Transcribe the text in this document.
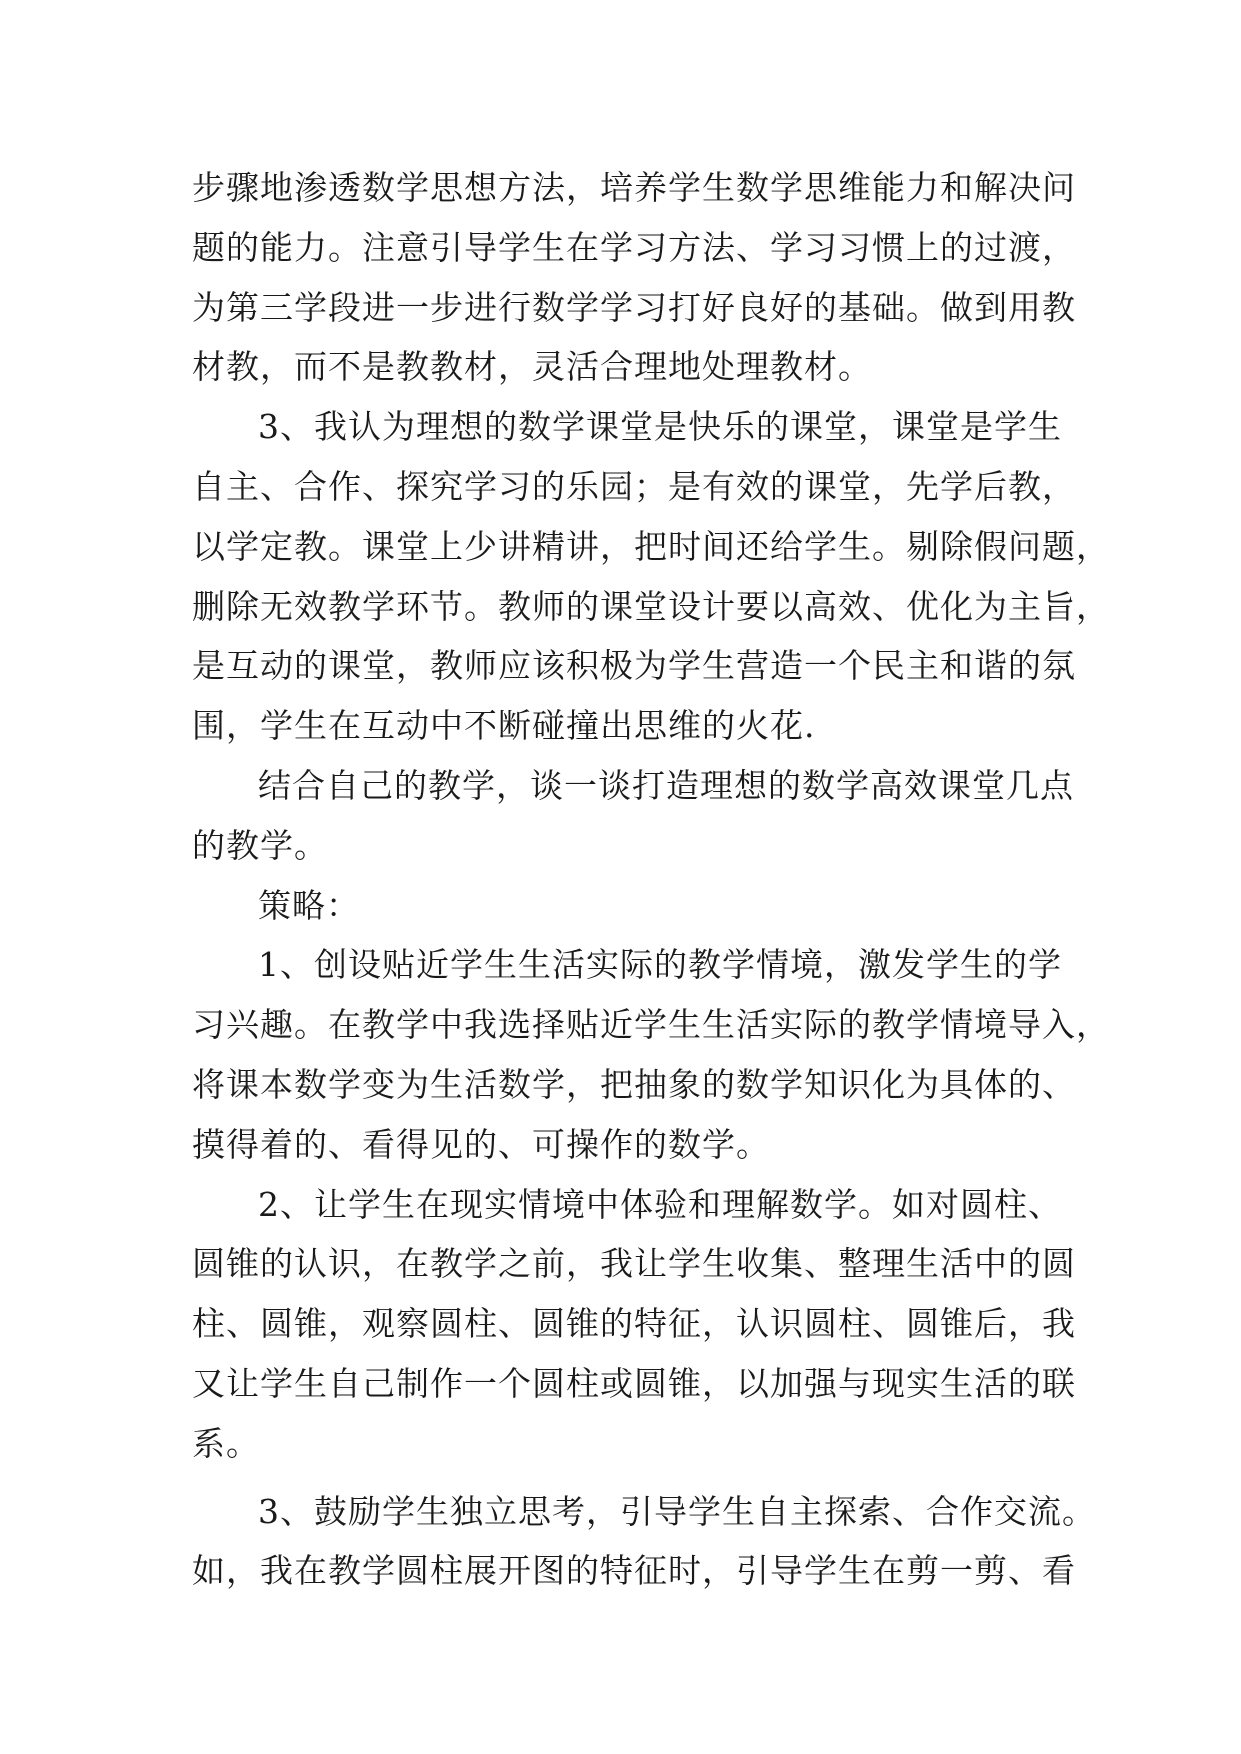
步骤地渗透数学思想方法，培养学生数学思维能力和解决问
题的能力。注意引导学生在学习方法、学习习惯上的过渡，
为第三学段进一步进行数学学习打好良好的基础。做到用教
材教，而不是教教材，灵活合理地处理教材。
3、我认为理想的数学课堂是快乐的课堂，课堂是学生
自主、合作、探究学习的乐园；是有效的课堂，先学后教，
以学定教。课堂上少讲精讲，把时间还给学生。剔除假问题，
删除无效教学环节。教师的课堂设计要以高效、优化为主旨，
是互动的课堂，教师应该积极为学生营造一个民主和谐的氛
围，学生在互动中不断碰撞出思维的火花.
结合自己的教学，谈一谈打造理想的数学高效课堂几点
的教学。
策略：
1、创设贴近学生生活实际的教学情境，激发学生的学
习兴趣。在教学中我选择贴近学生生活实际的教学情境导入，
将课本数学变为生活数学，把抽象的数学知识化为具体的、
摸得着的、看得见的、可操作的数学。
2、让学生在现实情境中体验和理解数学。如对圆柱、
圆锥的认识，在教学之前，我让学生收集、整理生活中的圆
柱、圆锥，观察圆柱、圆锥的特征，认识圆柱、圆锥后，我
又让学生自己制作一个圆柱或圆锥，以加强与现实生活的联
系。
3、鼓励学生独立思考，引导学生自主探索、合作交流。
如，我在教学圆柱展开图的特征时，引导学生在剪一剪、看
